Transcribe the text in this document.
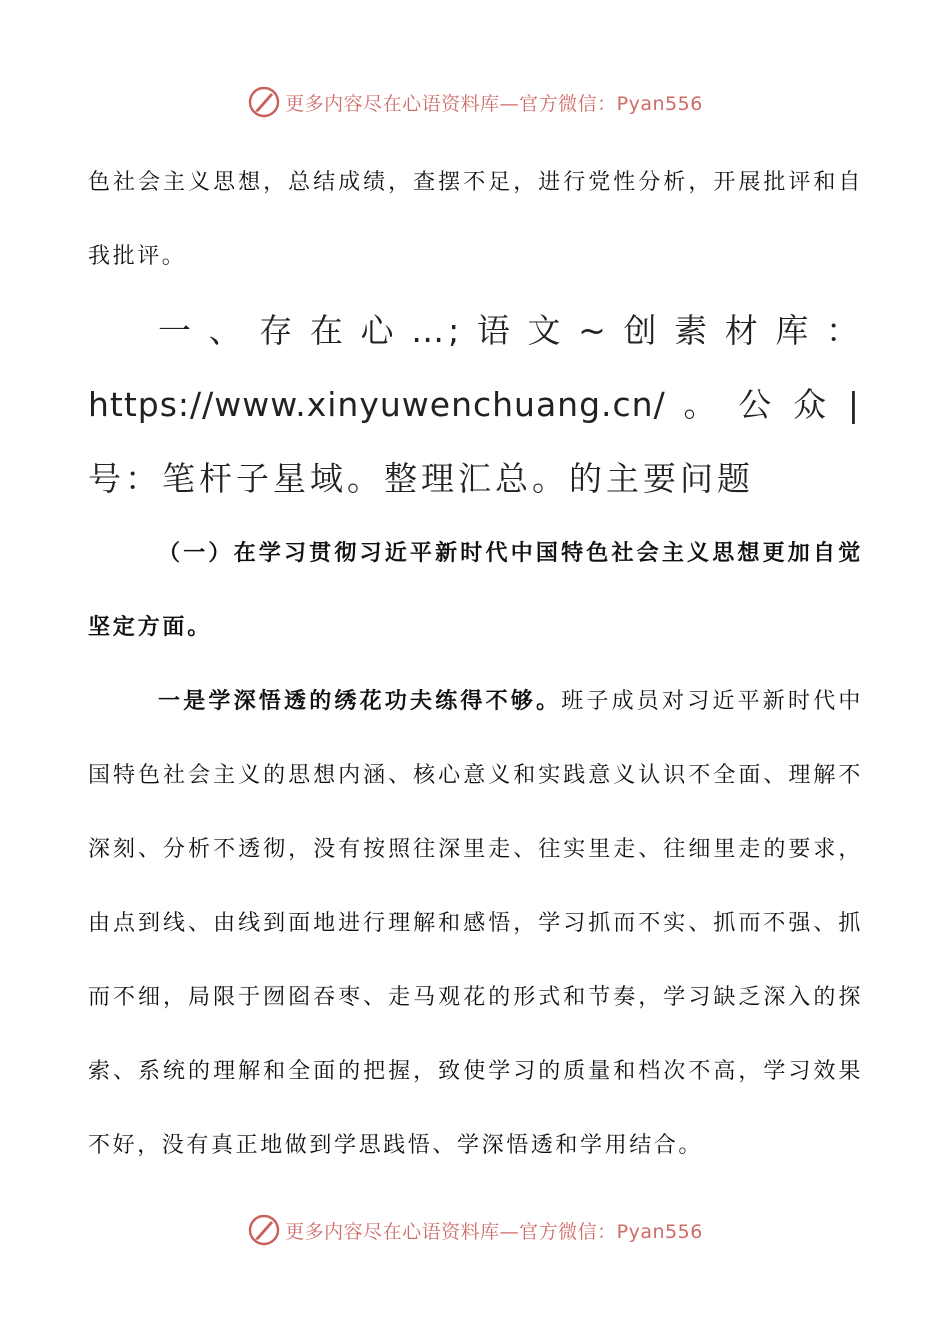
更多内容尽在心语资料库—官方微信：Pyan556

色社会主义思想，总结成绩，查摆不足，进行党性分析，开展批评和自我批评。

一、存在心…;语文~创素材库：https://www.xinyuwenchuang.cn/。公众|号：笔杆子星域。整理汇总。的主要问题

（一）在学习贯彻习近平新时代中国特色社会主义思想更加自觉坚定方面。

一是学深悟透的绣花功夫练得不够。班子成员对习近平新时代中国特色社会主义的思想内涵、核心意义和实践意义认识不全面、理解不深刻、分析不透彻，没有按照往深里走、往实里走、往细里走的要求，由点到线、由线到面地进行理解和感悟，学习抓而不实、抓而不强、抓而不细，局限于囫囵吞枣、走马观花的形式和节奏，学习缺乏深入的探索、系统的理解和全面的把握，致使学习的质量和档次不高，学习效果不好，没有真正地做到学思践悟、学深悟透和学用结合。

更多内容尽在心语资料库—官方微信：Pyan556
